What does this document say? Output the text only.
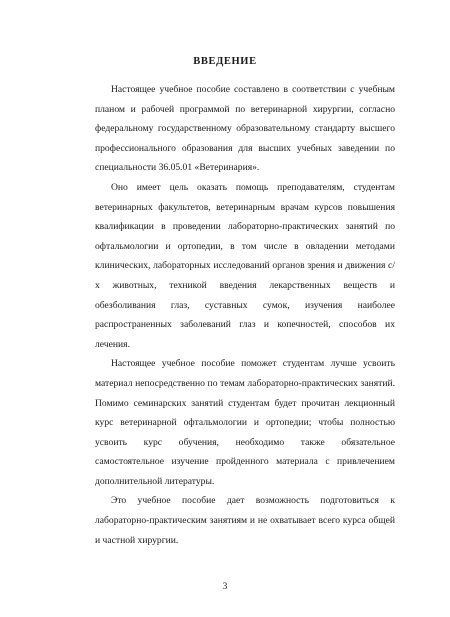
ВВЕДЕНИЕ

Настоящее учебное пособие составлено в соответствии с учебным планом и рабочей программой по ветеринарной хирургии, согласно федеральному государственному образовательному стандарту высшего профессионального образования для высших учебных заведении по специальности 36.05.01 «Ветеринария».

Оно имеет цель оказать помощь преподавателям, студентам ветеринарных факультетов, ветеринарным врачам курсов повышения квалификации в проведении лабораторно-практических занятий по офтальмологии и ортопедии, в том числе в овладении методами клинических, лабораторных исследований органов зрения и движения с/х животных, техникой введения лекарственных веществ и обезболивания глаз, суставных сумок, изучения наиболее распространенных заболеваний глаз и копечностей, способов их лечения.

Настоящее учебное пособие поможет студентам лучше усвоить материал непосредственно по темам лабораторно-практических занятий. Помимо семинарских занятий студентам будет прочитан лекционный курс ветеринарной офтальмологии и ортопедии; чтобы полностью усвоить курс обучения, необходимо также обязательное самостоятельное изучение пройденного материала с привлечением дополнительной литературы.

Это учебное пособие дает возможность подготовиться к лабораторно-практическим занятиям и не охватывает всего курса общей и частной хирургии.

3
